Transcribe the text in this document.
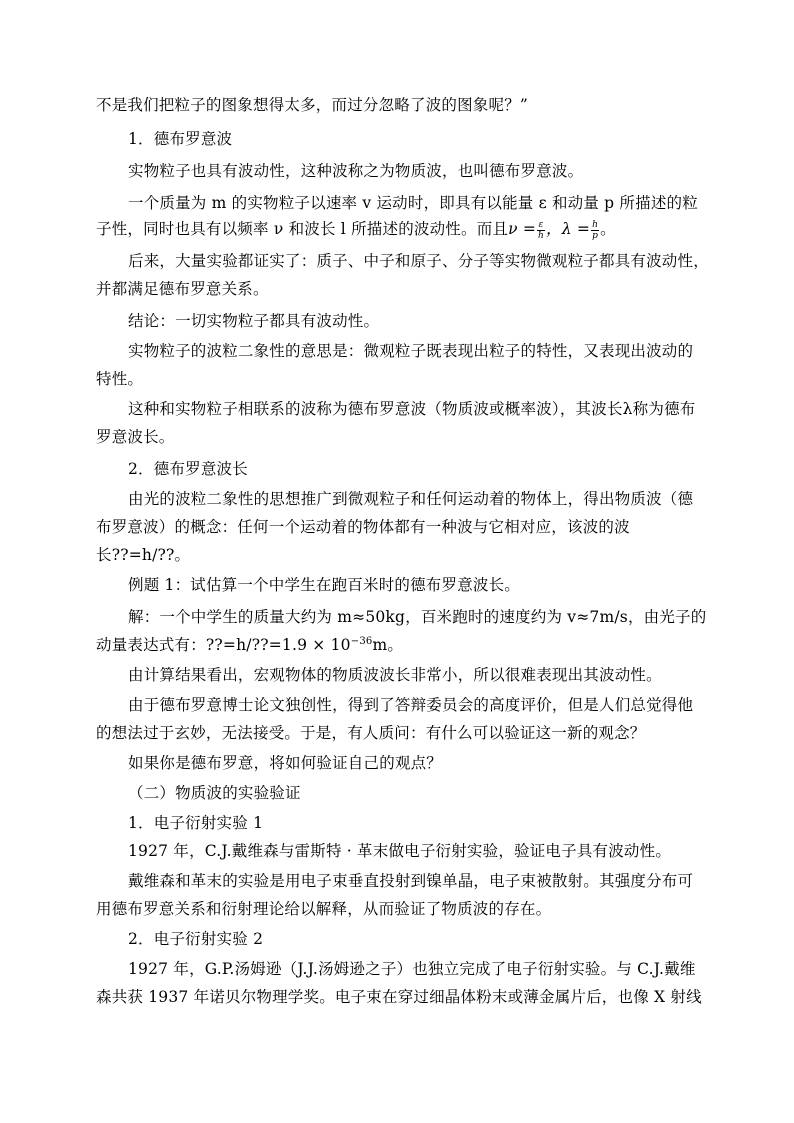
不是我们把粒子的图象想得太多，而过分忽略了波的图象呢？”
1．德布罗意波
实物粒子也具有波动性，这种波称之为物质波，也叫德布罗意波。
一个质量为 m 的实物粒子以速率 v 运动时，即具有以能量 ε 和动量 p 所描述的粒
子性，同时也具有以频率 ν 和波长 l 所描述的波动性。而且$\nu = \frac{\varepsilon}{h}$ ，$\lambda = \frac{h}{p}$ 。
后来，大量实验都证实了：质子、中子和原子、分子等实物微观粒子都具有波动性，
并都满足德布罗意关系。
结论：一切实物粒子都具有波动性。
实物粒子的波粒二象性的意思是：微观粒子既表现出粒子的特性，又表现出波动的
特性。
这种和实物粒子相联系的波称为德布罗意波（物质波或概率波），其波长λ称为德布
罗意波长。
2．德布罗意波长
由光的波粒二象性的思想推广到微观粒子和任何运动着的物体上，得出物质波（德
布罗意波）的概念：任何一个运动着的物体都有一种波与它相对应，该波的波
长??=h/??。
例题 1：试估算一个中学生在跑百米时的德布罗意波长。
解：一个中学生的质量大约为 m≈50kg，百米跑时的速度约为 v≈7m/s，由光子的
动量表达式有：??=h/??=1.9 × $10^{-36}m$。
由计算结果看出，宏观物体的物质波波长非常小，所以很难表现出其波动性。
由于德布罗意博士论文独创性，得到了答辩委员会的高度评价，但是人们总觉得他
的想法过于玄妙，无法接受。于是，有人质问：有什么可以验证这一新的观念？
如果你是德布罗意，将如何验证自己的观点？
（二）物质波的实验验证
1．电子衍射实验 1
1927 年，C.J.戴维森与雷斯特 · 革末做电子衍射实验，验证电子具有波动性。
戴维森和革末的实验是用电子束垂直投射到镍单晶，电子束被散射。其强度分布可
用德布罗意关系和衍射理论给以解释，从而验证了物质波的存在。
2．电子衍射实验 2
1927 年，G.P.汤姆逊（J.J.汤姆逊之子）也独立完成了电子衍射实验。与 C.J.戴维
森共获 1937 年诺贝尔物理学奖。电子束在穿过细晶体粉末或薄金属片后，也像 X 射线
